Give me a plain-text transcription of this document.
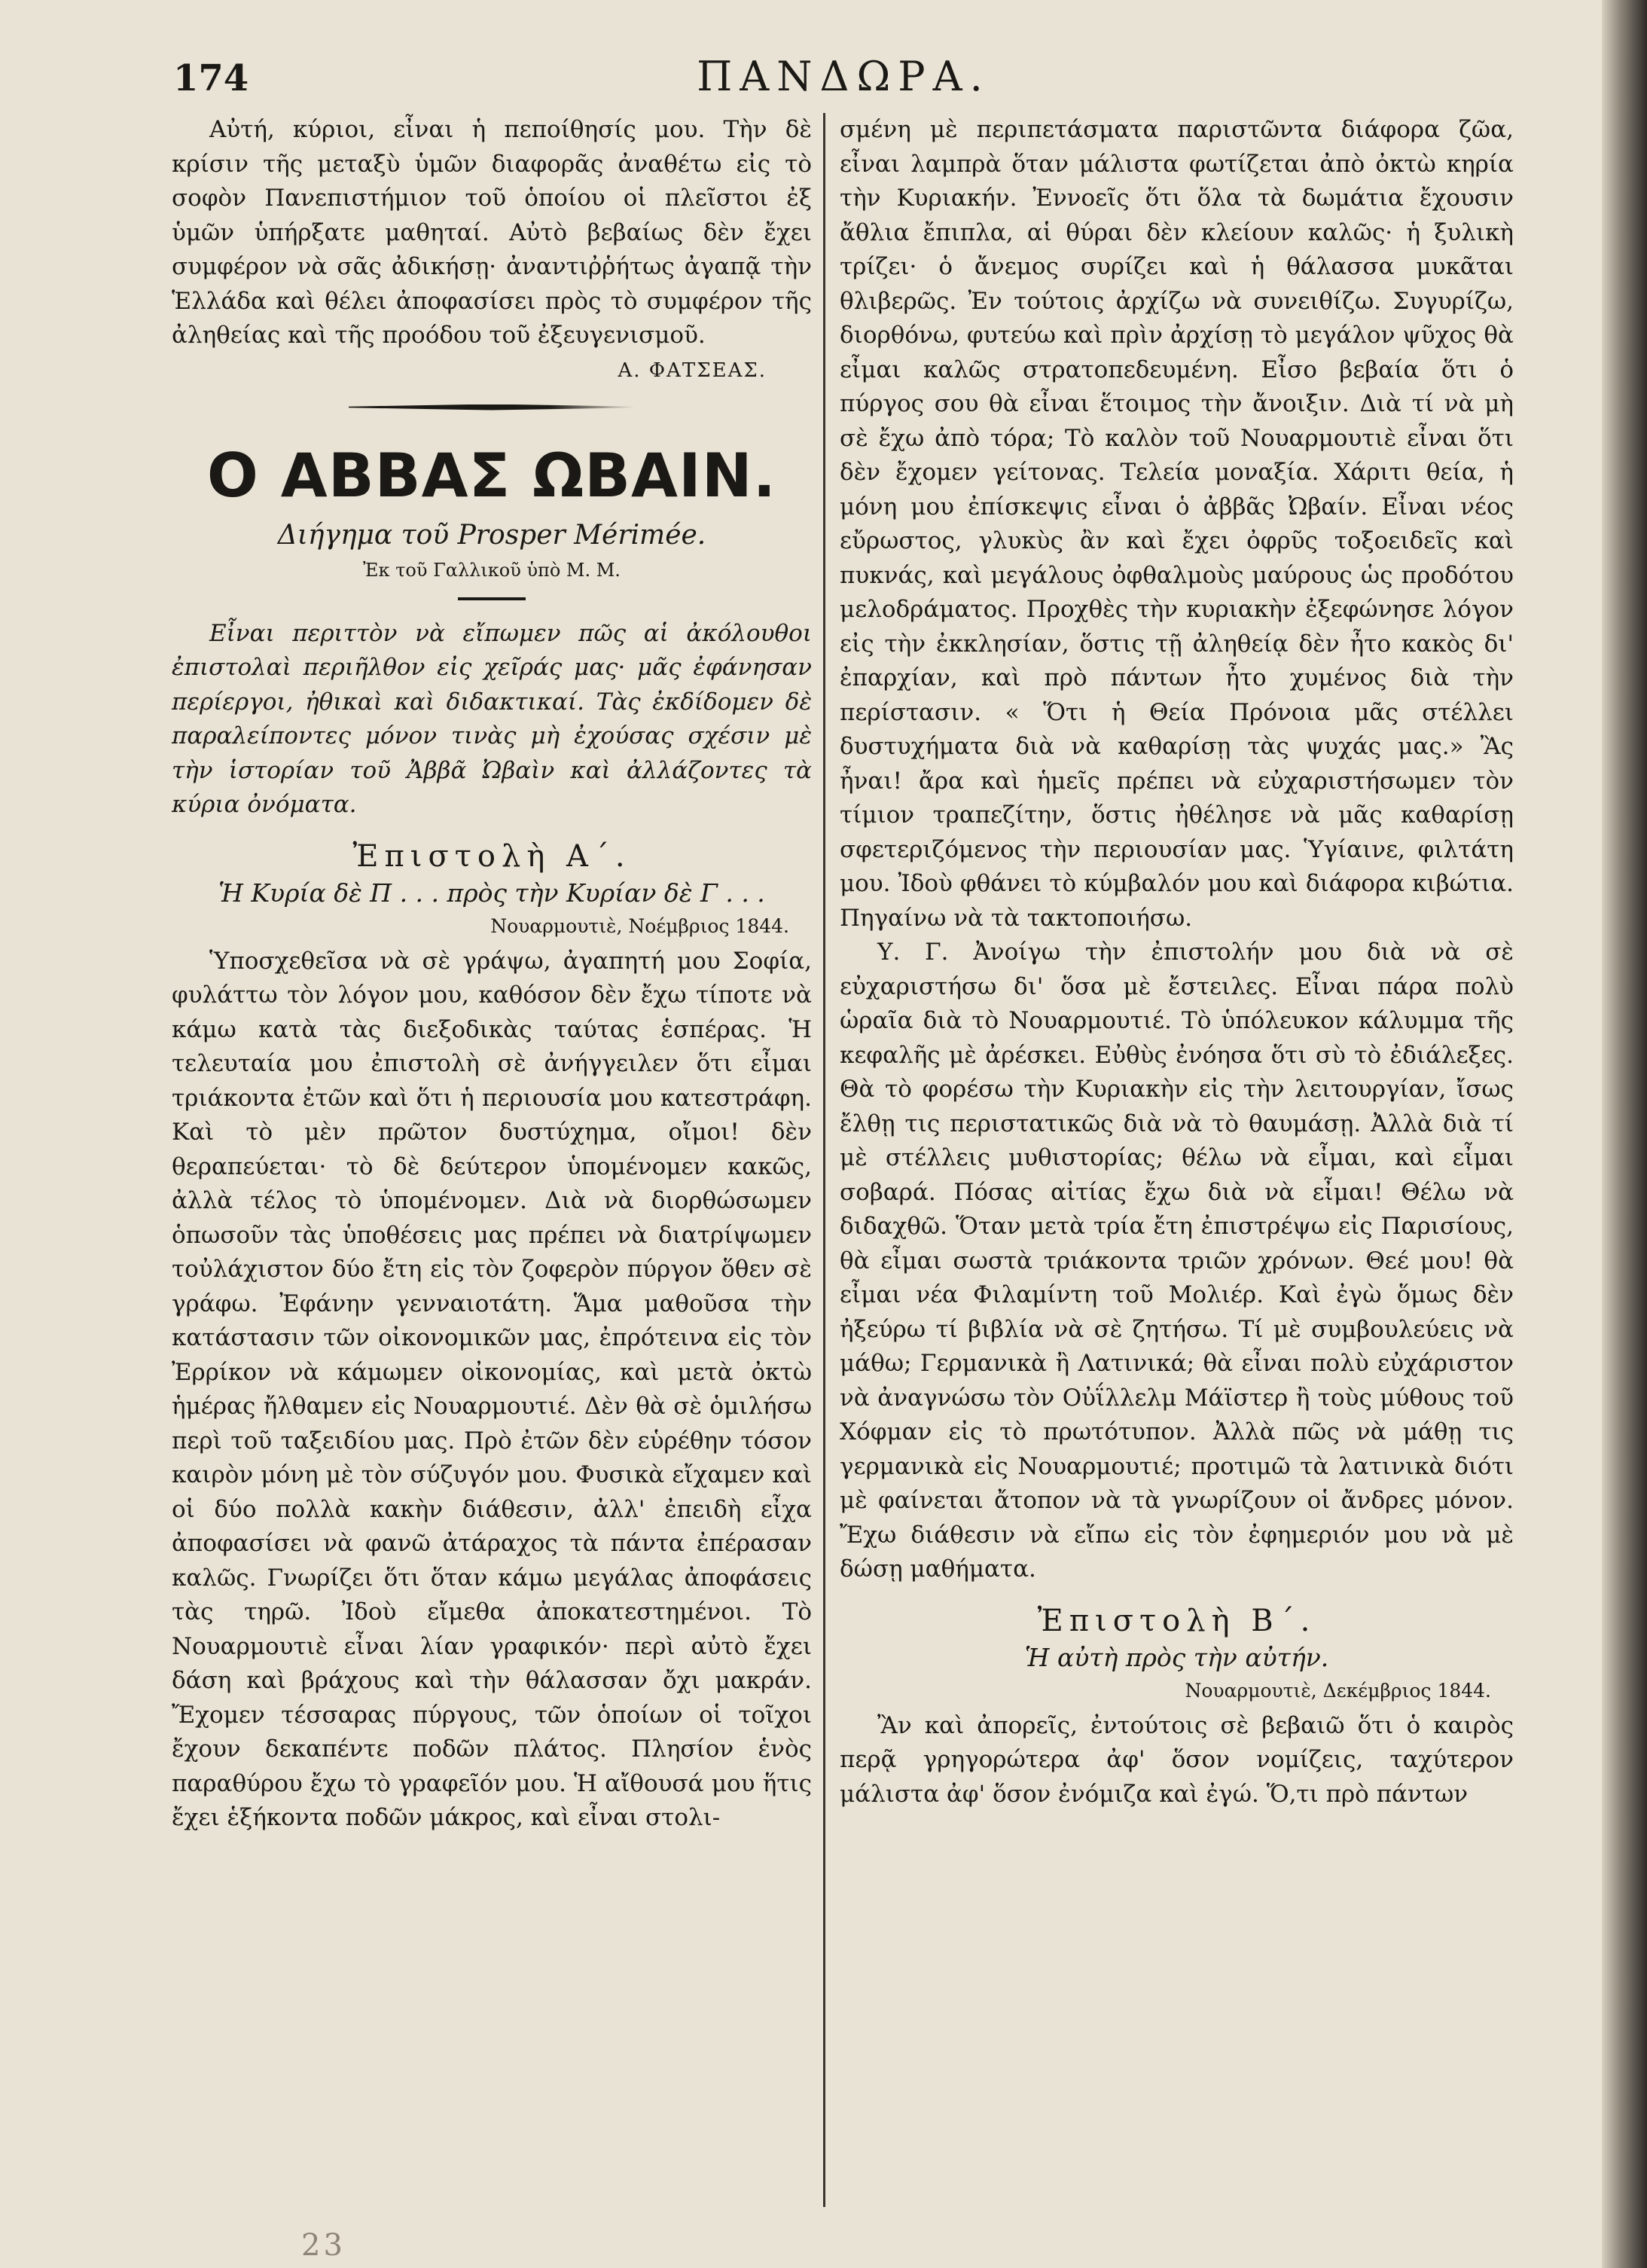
174	ΠΑΝΔΩΡΑ.

Αὐτή, κύριοι, εἶναι ἡ πεποίθησίς μου. Τὴν δὲ κρίσιν τῆς μεταξὺ ὑμῶν διαφορᾶς ἀναθέτω εἰς τὸ σοφὸν Πανεπιστήμιον τοῦ ὁποίου οἱ πλεῖστοι ἐξ ὑμῶν ὑπήρξατε μαθηταί. Αὐτὸ βεβαίως δὲν ἔχει συμφέρον νὰ σᾶς ἀδικήσῃ· ἀναντιῤῥήτως ἀγαπᾷ τὴν Ἑλλάδα καὶ θέλει ἀποφασίσει πρὸς τὸ συμφέρον τῆς ἀληθείας καὶ τῆς προόδου τοῦ ἐξευγενισμοῦ.

Α. ΦΑΤΣΕΑΣ.
Ο ΑΒΒΑΣ ΩΒΑΙΝ.
Διήγημα τοῦ Prosper Mérimée.
Ἐκ τοῦ Γαλλικοῦ ὑπὸ Μ. Μ.

Εἶναι περιττὸν νὰ εἴπωμεν πῶς αἱ ἀκόλουθοι ἐπιστολαὶ περιῆλθον εἰς χεῖράς μας· μᾶς ἐφάνησαν περίεργοι, ἠθικαὶ καὶ διδακτικαί. Τὰς ἐκδίδομεν δὲ παραλείποντες μόνον τινὰς μὴ ἐχούσας σχέσιν μὲ τὴν ἱστορίαν τοῦ Ἀββᾶ Ὠβαὶν καὶ ἀλλάζοντες τὰ κύρια ὀνόματα.

Ἐπιστολὴ Α΄.
Ἡ Κυρία δὲ Π . . . πρὸς τὴν Κυρίαν δὲ Γ . . .
Νουαρμουτιὲ, Νοέμβριος 1844.

Ὑποσχεθεῖσα νὰ σὲ γράψω, ἀγαπητή μου Σοφία, φυλάττω τὸν λόγον μου, καθόσον δὲν ἔχω τίποτε νὰ κάμω κατὰ τὰς διεξοδικὰς ταύτας ἑσπέρας. Ἡ τελευταία μου ἐπιστολὴ σὲ ἀνήγγειλεν ὅτι εἶμαι τριάκοντα ἐτῶν καὶ ὅτι ἡ περιουσία μου κατεστράφη. Καὶ τὸ μὲν πρῶτον δυστύχημα, οἴμοι! δὲν θεραπεύεται· τὸ δὲ δεύτερον ὑπομένομεν κακῶς, ἀλλὰ τέλος τὸ ὑπομένομεν. Διὰ νὰ διορθώσωμεν ὁπωσοῦν τὰς ὑποθέσεις μας πρέπει νὰ διατρίψωμεν τοὐλάχιστον δύο ἔτη εἰς τὸν ζοφερὸν πύργον ὅθεν σὲ γράφω. Ἐφάνην γενναιοτάτη. Ἅμα μαθοῦσα τὴν κατάστασιν τῶν οἰκονομικῶν μας, ἐπρότεινα εἰς τὸν Ἐρρίκον νὰ κάμωμεν οἰκονομίας, καὶ μετὰ ὀκτὼ ἡμέρας ἤλθαμεν εἰς Νουαρμουτιέ. Δὲν θὰ σὲ ὁμιλήσω περὶ τοῦ ταξειδίου μας. Πρὸ ἐτῶν δὲν εὑρέθην τόσον καιρὸν μόνη μὲ τὸν σύζυγόν μου. Φυσικὰ εἴχαμεν καὶ οἱ δύο πολλὰ κακὴν διάθεσιν, ἀλλ' ἐπειδὴ εἶχα ἀποφασίσει νὰ φανῶ ἀτάραχος τὰ πάντα ἐπέρασαν καλῶς. Γνωρίζει ὅτι ὅταν κάμω μεγάλας ἀποφάσεις τὰς τηρῶ. Ἰδοὺ εἴμεθα ἀποκατεστημένοι. Τὸ Νουαρμουτιὲ εἶναι λίαν γραφικόν· περὶ αὐτὸ ἔχει δάση καὶ βράχους καὶ τὴν θάλασσαν ὄχι μακράν. Ἔχομεν τέσσαρας πύργους, τῶν ὁποίων οἱ τοῖχοι ἔχουν δεκαπέντε ποδῶν πλάτος. Πλησίον ἑνὸς παραθύρου ἔχω τὸ γραφεῖόν μου. Ἡ αἴθουσά μου ἥτις ἔχει ἑξήκοντα ποδῶν μάκρος, καὶ εἶναι στολι-

σμένη μὲ περιπετάσματα παριστῶντα διάφορα ζῶα, εἶναι λαμπρὰ ὅταν μάλιστα φωτίζεται ἀπὸ ὀκτὼ κηρία τὴν Κυριακήν. Ἐννοεῖς ὅτι ὅλα τὰ δωμάτια ἔχουσιν ἄθλια ἔπιπλα, αἱ θύραι δὲν κλείουν καλῶς· ἡ ξυλικὴ τρίζει· ὁ ἄνεμος συρίζει καὶ ἡ θάλασσα μυκᾶται θλιβερῶς. Ἐν τούτοις ἀρχίζω νὰ συνειθίζω. Συγυρίζω, διορθόνω, φυτεύω καὶ πρὶν ἀρχίσῃ τὸ μεγάλον ψῦχος θὰ εἶμαι καλῶς στρατοπεδευμένη. Εἶσο βεβαία ὅτι ὁ πύργος σου θὰ εἶναι ἕτοιμος τὴν ἄνοιξιν. Διὰ τί νὰ μὴ σὲ ἔχω ἀπὸ τόρα; Τὸ καλὸν τοῦ Νουαρμουτιὲ εἶναι ὅτι δὲν ἔχομεν γείτονας. Τελεία μοναξία. Χάριτι θεία, ἡ μόνη μου ἐπίσκεψις εἶναι ὁ ἀββᾶς Ὠβαίν. Εἶναι νέος εὔρωστος, γλυκὺς ἂν καὶ ἔχει ὀφρῦς τοξοειδεῖς καὶ πυκνάς, καὶ μεγάλους ὀφθαλμοὺς μαύρους ὡς προδότου μελοδράματος. Προχθὲς τὴν κυριακὴν ἐξεφώνησε λόγον εἰς τὴν ἐκκλησίαν, ὅστις τῇ ἀληθείᾳ δὲν ἦτο κακὸς δι' ἐπαρχίαν, καὶ πρὸ πάντων ἦτο χυμένος διὰ τὴν περίστασιν. « Ὅτι ἡ Θεία Πρόνοια μᾶς στέλλει δυστυχήματα διὰ νὰ καθαρίσῃ τὰς ψυχάς μας.» Ἂς ἦναι! ἄρα καὶ ἡμεῖς πρέπει νὰ εὐχαριστήσωμεν τὸν τίμιον τραπεζίτην, ὅστις ἠθέλησε νὰ μᾶς καθαρίσῃ σφετεριζόμενος τὴν περιουσίαν μας. Ὑγίαινε, φιλτάτη μου. Ἰδοὺ φθάνει τὸ κύμβαλόν μου καὶ διάφορα κιβώτια. Πηγαίνω νὰ τὰ τακτοποιήσω.

Υ. Γ. Ἀνοίγω τὴν ἐπιστολήν μου διὰ νὰ σὲ εὐχαριστήσω δι' ὅσα μὲ ἔστειλες. Εἶναι πάρα πολὺ ὡραῖα διὰ τὸ Νουαρμουτιέ. Τὸ ὑπόλευκον κάλυμμα τῆς κεφαλῆς μὲ ἀρέσκει. Εὐθὺς ἐνόησα ὅτι σὺ τὸ ἐδιάλεξες. Θὰ τὸ φορέσω τὴν Κυριακὴν εἰς τὴν λειτουργίαν, ἴσως ἔλθῃ τις περιστατικῶς διὰ νὰ τὸ θαυμάσῃ. Ἀλλὰ διὰ τί μὲ στέλλεις μυθιστορίας; θέλω νὰ εἶμαι, καὶ εἶμαι σοβαρά. Πόσας αἰτίας ἔχω διὰ νὰ εἶμαι! Θέλω νὰ διδαχθῶ. Ὅταν μετὰ τρία ἔτη ἐπιστρέψω εἰς Παρισίους, θὰ εἶμαι σωστὰ τριάκοντα τριῶν χρόνων. Θεέ μου! θὰ εἶμαι νέα Φιλαμίντη τοῦ Μολιέρ. Καὶ ἐγὼ ὅμως δὲν ἠξεύρω τί βιβλία νὰ σὲ ζητήσω. Τί μὲ συμβουλεύεις νὰ μάθω; Γερμανικὰ ἢ Λατινικά; θὰ εἶναι πολὺ εὐχάριστον νὰ ἀναγνώσω τὸν Οὐΐλλελμ Μάϊστερ ἢ τοὺς μύθους τοῦ Χόφμαν εἰς τὸ πρωτότυπον. Ἀλλὰ πῶς νὰ μάθῃ τις γερμανικὰ εἰς Νουαρμουτιέ; προτιμῶ τὰ λατινικὰ διότι μὲ φαίνεται ἄτοπον νὰ τὰ γνωρίζουν οἱ ἄνδρες μόνον. Ἔχω διάθεσιν νὰ εἴπω εἰς τὸν ἐφημεριόν μου νὰ μὲ δώσῃ μαθήματα.

Ἐπιστολὴ Β΄.
Ἡ αὐτὴ πρὸς τὴν αὐτήν.
Νουαρμουτιὲ, Δεκέμβριος 1844.

Ἂν καὶ ἀπορεῖς, ἐντούτοις σὲ βεβαιῶ ὅτι ὁ καιρὸς περᾷ γρηγορώτερα ἀφ' ὅσον νομίζεις, ταχύτερον μάλιστα ἀφ' ὅσον ἐνόμιζα καὶ ἐγώ. Ὅ,τι πρὸ πάντων

23
